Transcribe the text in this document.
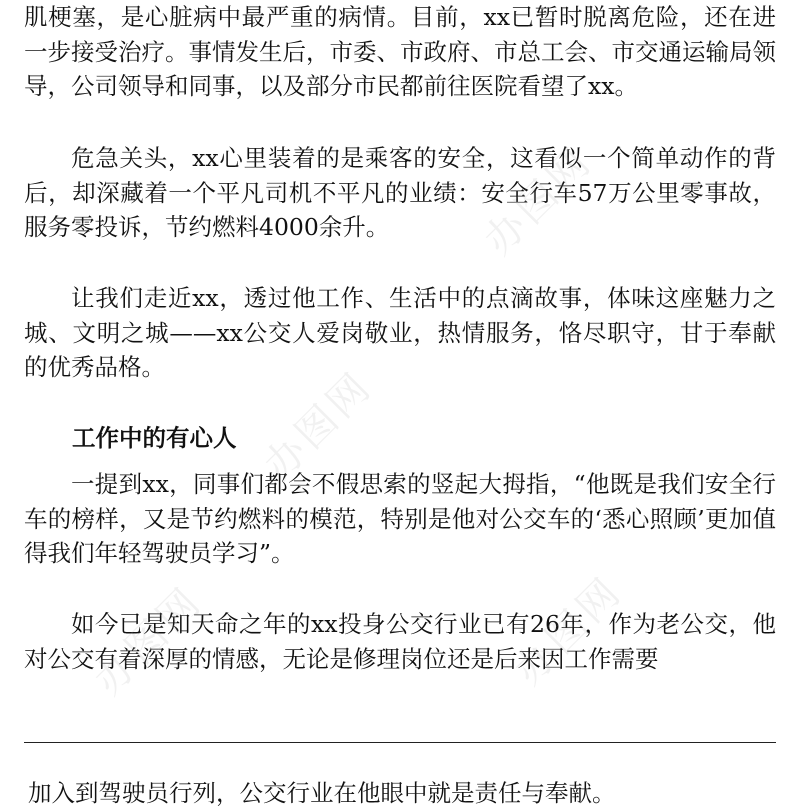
肌梗塞，是心脏病中最严重的病情。目前，xx已暂时脱离危险，还在进一步接受治疗。事情发生后，市委、市政府、市总工会、市交通运输局领导，公司领导和同事，以及部分市民都前往医院看望了xx。

危急关头，xx心里装着的是乘客的安全，这看似一个简单动作的背后，却深藏着一个平凡司机不平凡的业绩：安全行车57万公里零事故，服务零投诉，节约燃料4000余升。

让我们走近xx，透过他工作、生活中的点滴故事，体味这座魅力之城、文明之城——xx公交人爱岗敬业，热情服务，恪尽职守，甘于奉献的优秀品格。

工作中的有心人

一提到xx，同事们都会不假思索的竖起大拇指，“他既是我们安全行车的榜样，又是节约燃料的模范，特别是他对公交车的‘悉心照顾’更加值得我们年轻驾驶员学习”。

如今已是知天命之年的xx投身公交行业已有26年，作为老公交，他对公交有着深厚的情感，无论是修理岗位还是后来因工作需要

加入到驾驶员行列，公交行业在他眼中就是责任与奉献。

办图网
办图网
办图网	办图网
